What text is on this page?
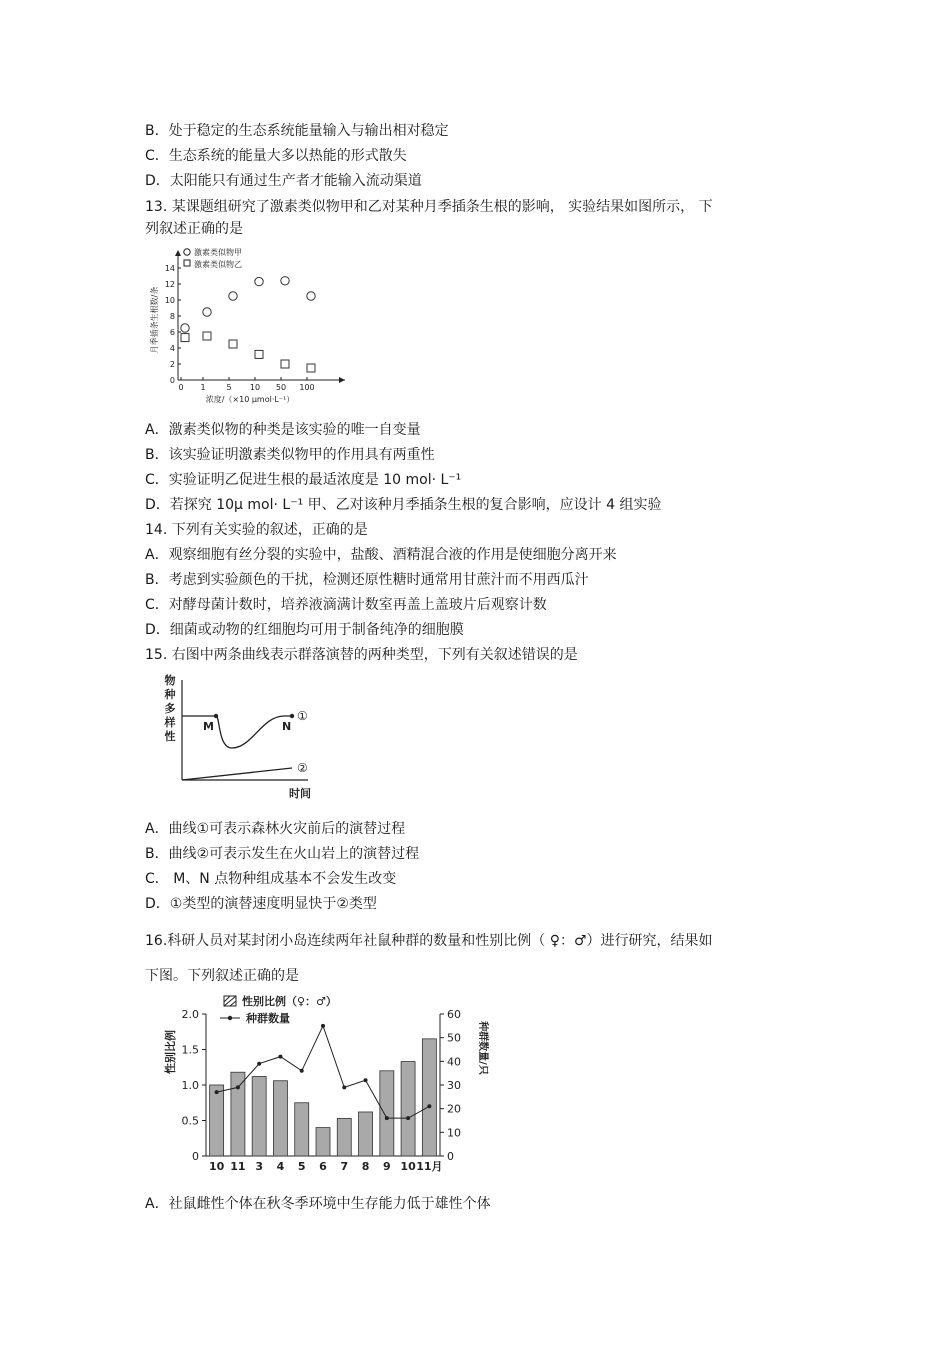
B．处于稳定的生态系统能量输入与输出相对稳定
C．生态系统的能量大多以热能的形式散失
D．太阳能只有通过生产者才能输入流动渠道
13. 某课题组研究了激素类似物甲和乙对某种月季插条生根的影响， 实验结果如图所示， 下
列叙述正确的是
0
2
4
6
8
10
12
14
0 1	5 10 50 100
月季插条生根数/条
浓度/（×10 μmol·L⁻¹）
激素类似物甲
激素类似物乙
A．激素类似物的种类是该实验的唯一自变量
B．该实验证明激素类似物甲的作用具有两重性
C．实验证明乙促进生根的最适浓度是 10 mol· L⁻¹
D．若探究 10μ mol· L⁻¹ 甲、乙对该种月季插条生根的复合影响，应设计 4 组实验
14. 下列有关实验的叙述，正确的是
A．观察细胞有丝分裂的实验中，盐酸、酒精混合液的作用是使细胞分离开来
B．考虑到实验颜色的干扰，检测还原性糖时通常用甘蔗汁而不用西瓜汁
C．对酵母菌计数时，培养液滴满计数室再盖上盖玻片后观察计数
D．细菌或动物的红细胞均可用于制备纯净的细胞膜
15. 右图中两条曲线表示群落演替的两种类型，下列有关叙述错误的是
物
种
多
样
性
时间
M	N
①
②
A．曲线①可表示森林火灾前后的演替过程
B．曲线②可表示发生在火山岩上的演替过程
C． M、N 点物种组成基本不会发生改变
D．①类型的演替速度明显快于②类型
16.科研人员对某封闭小岛连续两年社鼠种群的数量和性别比例（ ♀：♂）进行研究，结果如
下图。下列叙述正确的是
0
0.5
1.0
1.5
2.0
0
10
20
30
40
50
60
性别比例	种群数量/只
性别比例（♀：♂）
种群数量
10 11 3 4 5 6 7 8 9 10 11月
A．社鼠雌性个体在秋冬季环境中生存能力低于雄性个体
